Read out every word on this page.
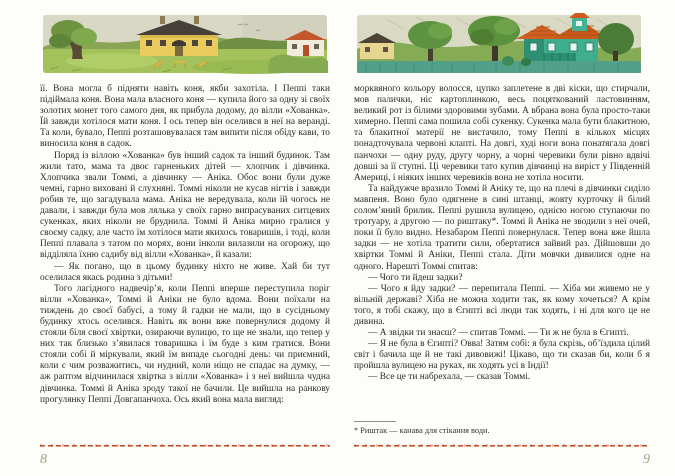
її. Вона могла б підняти навіть коня, якби захотіла. І Пеппі таки підіймала коня. Вона мала власного коня — купила його за одну зі своїх золотих монет того самого дня, як прибула додому, до вілли «Хованка». Їй завжди хотілося мати коня. І ось тепер він оселився в неї на веранді. Та коли, бувало, Пеппі розташовувалася там випити після обіду кави, то виносила коня в садок.

Поряд із віллою «Хованка» був інший садок та інший будинок. Там жили тато, мама та двоє гарненьких дітей — хлопчик і дівчинка. Хлопчика звали Томмі, а дівчинку — Аніка. Обоє вони були дуже чемні, гарно виховані й слухняні. Томмі ніколи не кусав нігтів і завжди робив те, що загадувала мама. Аніка не вередувала, коли їй чогось не давали, і завжди була мов лялька у своїх гарно випрасуваних ситцевих сукенках, яких ніколи не бруднила. Томмі й Аніка мирно гралися у своєму садку, але часто їм хотілося мати якихось товаришів, і тоді, коли Пеппі плавала з татом по морях, вони інколи вилазили на огорожу, що відділяла їхню садибу від вілли «Хованка», й казали:

— Як погано, що в цьому будинку ніхто не живе. Хай би тут оселилася якась родина з дітьми!

Того лагідного надвечір’я, коли Пеппі вперше переступила поріг вілли «Хованка», Томмі й Аніки не було вдома. Вони поїхали на тиждень до своєї бабусі, а тому й гадки не мали, що в сусідньому будинку хтось оселився. Навіть як вони вже повернулися додому й стояли біля своєї хвіртки, озираючи вулицю, то ще не знали, що тепер у них так близько з’явилася товаришка і їм буде з ким гратися. Вони стояли собі й міркували, який їм випаде сьогодні день: чи приємний, коли є чим розважитись, чи нудний, коли ніщо не спадає на думку, — аж раптом відчинилася хвіртка з вілли «Хованка» і з неї вийшла чудна дівчинка. Томмі й Аніка зроду такої не бачили. Це вийшла на ранкову прогулянку Пеппі Довгапанчоха. Ось який вона мала вигляд:

8

морквяного кольору волосся, цупко заплетене в дві кіски, що стирчали, мов палички, ніс картоплинкою, весь поцяткований ластовинням, великий рот із білими здоровими зубами. А вбрана вона була просто-таки химерно. Пеппі сама пошила собі сукенку. Сукенка мала бути блакитною, та блакитної матерії не вистачило, тому Пеппі в кількох місцях понадточувала червоні клапті. На довгі, худі ноги вона понатягала довгі панчохи — одну руду, другу чорну, а чорні черевики були рівно вдвічі довші за її ступні. Ці черевики тато купив дівчинці на виріст у Південній Америці, і ніяких інших черевиків вона не хотіла носити.

Та найдужче вразило Томмі й Аніку те, що на плечі в дівчинки сиділо мавпеня. Воно було одягнене в сині штанці, жовту курточку й білий солом’яний брилик. Пеппі рушила вулицею, однією ногою ступаючи по тротуару, а другою — по риштаку*. Томмі й Аніка не зводили з неї очей, поки її було видно. Незабаром Пеппі повернулася. Тепер вона вже йшла задки — не хотіла тратити сили, обертатися зайвий раз. Дійшовши до хвіртки Томмі й Аніки, Пеппі стала. Діти мовчки дивилися одне на одного. Нарешті Томмі спитав:

— Чого ти йдеш задки?

— Чого я йду задки? — перепитала Пеппі. — Хіба ми живемо не у вільній державі? Хіба не можна ходити так, як кому хочеться? А крім того, я тобі скажу, що в Єгипті всі люди так ходять, і ні для кого це не дивина.

— А звідки ти знаєш? — спитав Томмі. — Ти ж не була в Єгипті.

— Я не була в Єгипті? Овва! Затям собі: я була скрізь, об’їздила цілий світ і бачила ще й не такі дивовижі! Цікаво, що ти сказав би, коли б я пройшла вулицею на руках, як ходять усі в Індії!

— Все це ти набрехала, — сказав Томмі.

* Риштак — канава для стікання води.

9
